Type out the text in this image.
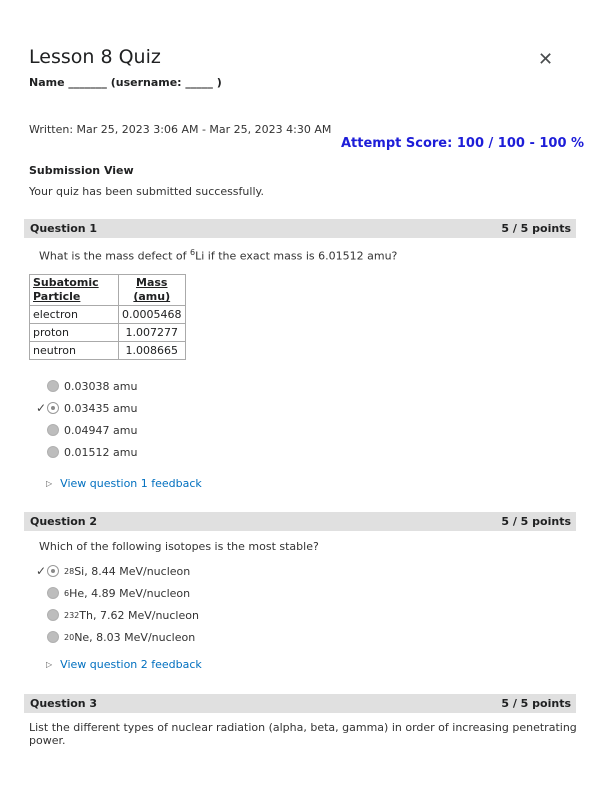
Lesson 8 Quiz	✕
Name _______ (username: _____ )
Written: Mar 25, 2023 3:06 AM - Mar 25, 2023 4:30 AM
Attempt Score: 100 / 100 - 100 %
Submission View
Your quiz has been submitted successfully.
Question 1	5 / 5 points
What is the mass defect of $^6$Li if the exact mass is 6.01512 amu?
Subatomic
Particle	Mass
(amu)
electron	0.0005468
proton	1.007277
neutron	1.008665
0.03038 amu
✓ 0.03435 amu
0.04947 amu
0.01512 amu
▷ View question 1 feedback
Question 2	5 / 5 points
Which of the following isotopes is the most stable?
✓ 28 Si, 8.44 MeV/nucleon
6 He, 4.89 MeV/nucleon
232 Th, 7.62 MeV/nucleon
20 Ne, 8.03 MeV/nucleon
▷ View question 2 feedback
Question 3	5 / 5 points
List the different types of nuclear radiation (alpha, beta, gamma) in order of increasing penetrating power.
